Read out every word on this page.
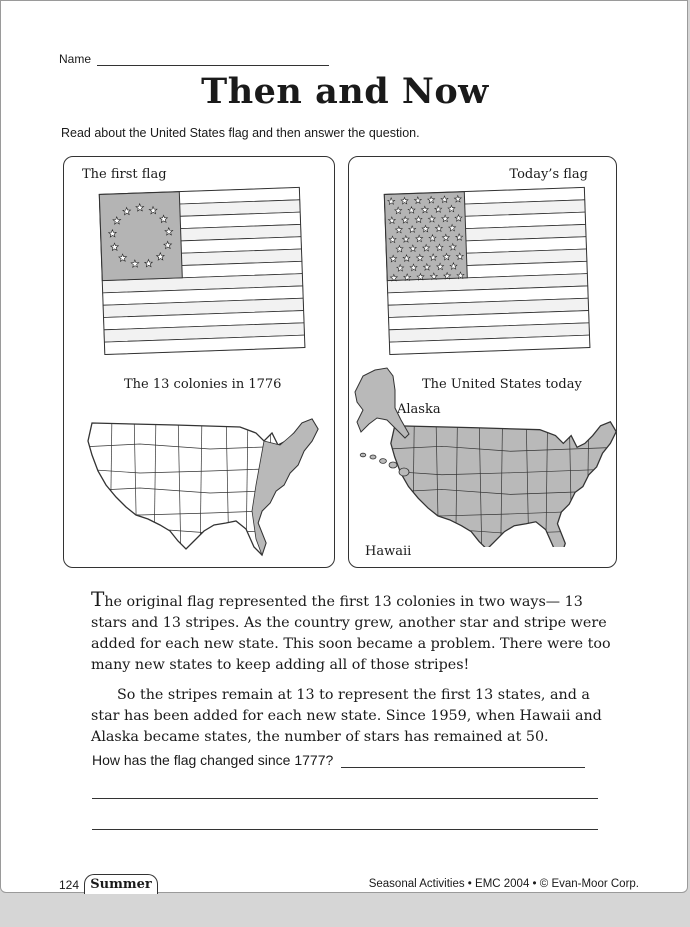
Name
Then and Now
Read about the United States flag and then answer the question.
The first flag
The 13 colonies in 1776
Today’s flag
The United States today
Alaska
Hawaii

The original flag represented the first 13 colonies in two ways— 13 stars and 13 stripes. As the country grew, another star and stripe were added for each new state. This soon became a problem. There were too many new states to keep adding all of those stripes!

So the stripes remain at 13 to represent the first 13 states, and a star has been added for each new state. Since 1959, when Hawaii and Alaska became states, the number of stars has remained at 50.

How has the flag changed since 1777?
124 Summer	Seasonal Activities • EMC 2004 • © Evan-Moor Corp.
